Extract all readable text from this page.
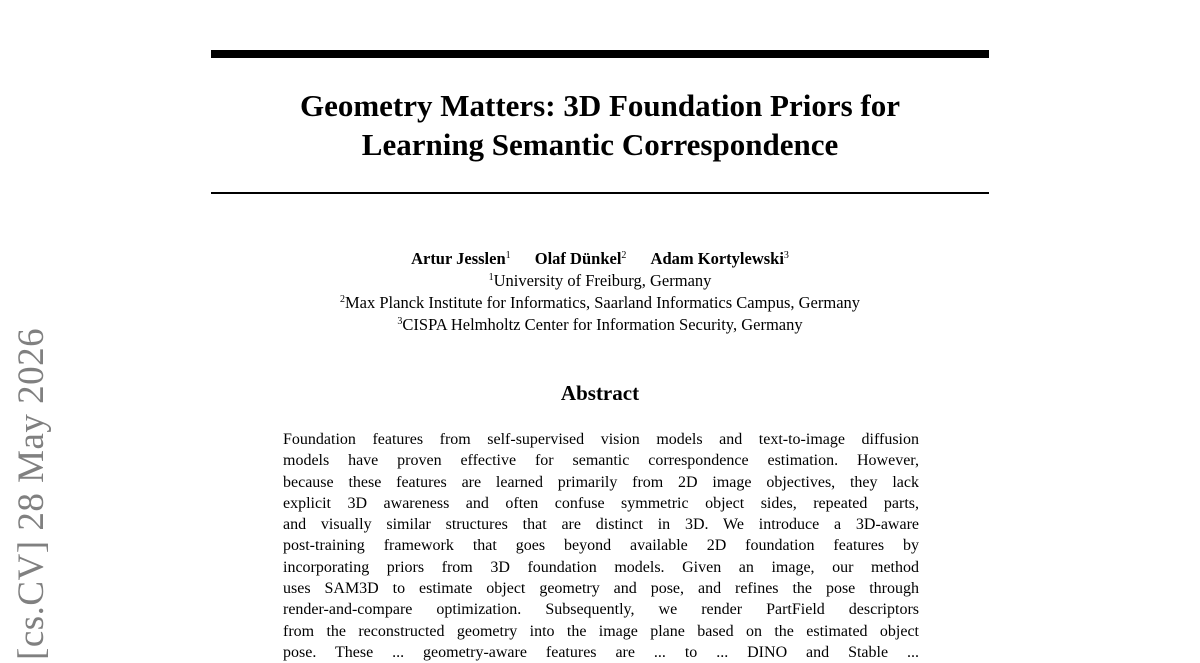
Geometry Matters: 3D Foundation Priors for
Learning Semantic Correspondence
Artur Jesslen$^1$ Olaf Dünkel$^2$ Adam Kortylewski$^3$
$^1$University of Freiburg, Germany
$^2$Max Planck Institute for Informatics, Saarland Informatics Campus, Germany
$^3$CISPA Helmholtz Center for Information Security, Germany
Abstract
Foundation features from self-supervised vision models and text-to-image diffusion
models have proven effective for semantic correspondence estimation. However,
because these features are learned primarily from 2D image objectives, they lack
explicit 3D awareness and often confuse symmetric object sides, repeated parts,
and visually similar structures that are distinct in 3D. We introduce a 3D-aware
post-training framework that goes beyond available 2D foundation features by
incorporating priors from 3D foundation models. Given an image, our method
uses SAM3D to estimate object geometry and pose, and refines the pose through
render-and-compare optimization. Subsequently, we render PartField descriptors
from the reconstructed geometry into the image plane based on the estimated object
pose. These ... geometry-aware features are ... to ... DINO and Stable ...
[cs.CV] 28 May 2026
